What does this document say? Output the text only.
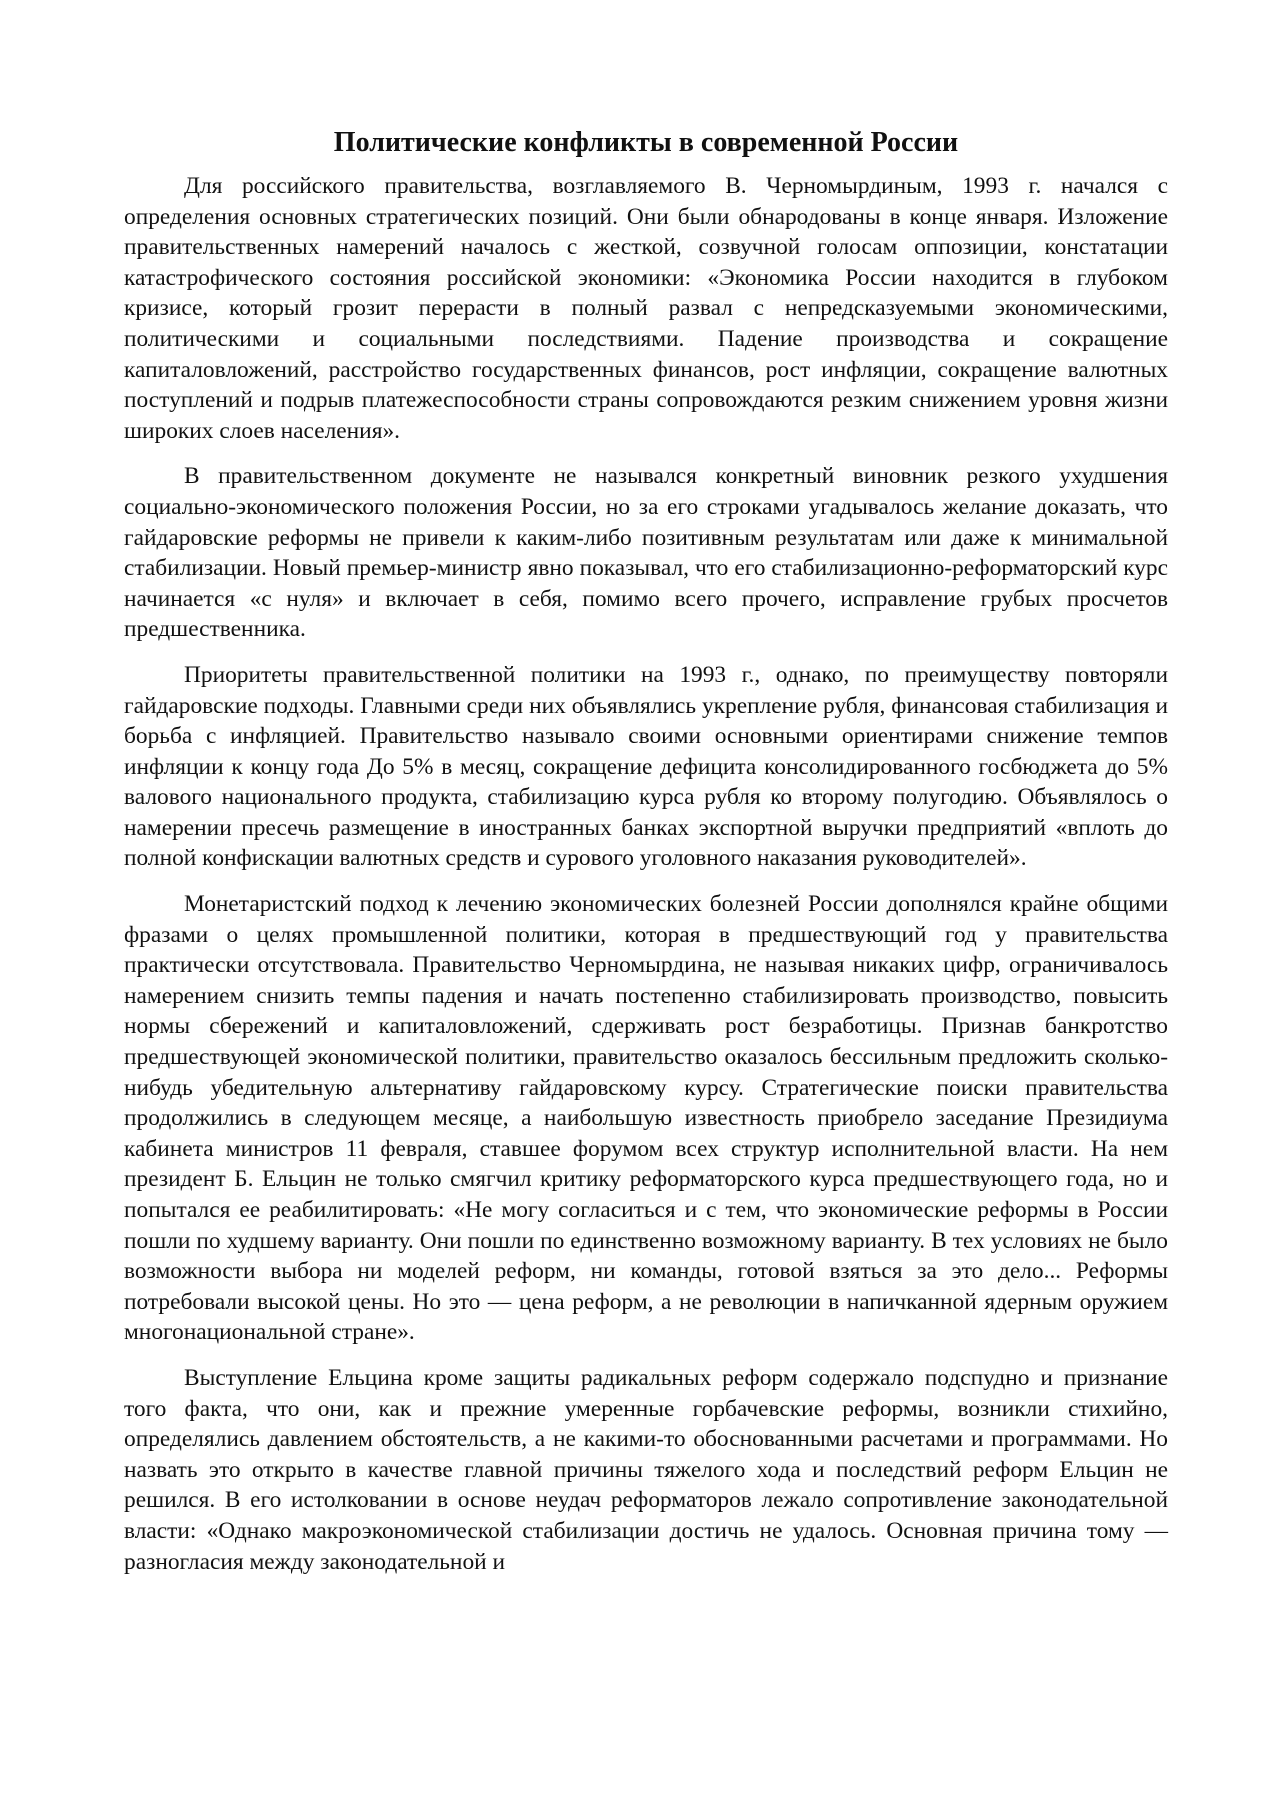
Политические конфликты в современной России

Для российского правительства, возглавляемого В. Черномырдиным, 1993 г. начался с определения основных стратегических позиций. Они были обнародованы в конце января. Изложение правительственных намерений началось с жесткой, созвучной голосам оппозиции, констатации катастрофического состояния российской экономики: «Экономика России находится в глубоком кризисе, который грозит перерасти в полный развал с непредсказуемыми экономическими, политическими и социальными последствиями. Падение производства и сокращение капиталовложений, расстройство государственных финансов, рост инфляции, сокращение валютных поступлений и подрыв платежеспособности страны сопровождаются резким снижением уровня жизни широких слоев населения».

В правительственном документе не назывался конкретный виновник резкого ухудшения социально-экономического положения России, но за его строками угадывалось желание доказать, что гайдаровские реформы не привели к каким-либо позитивным результатам или даже к минимальной стабилизации. Новый премьер-министр явно показывал, что его стабилизационно-реформаторский курс начинается «с нуля» и включает в себя, помимо всего прочего, исправление грубых просчетов предшественника.

Приоритеты правительственной политики на 1993 г., однако, по преимуществу повторяли гайдаровские подходы. Главными среди них объявлялись укрепление рубля, финансовая стабилизация и борьба с инфляцией. Правительство называло своими основными ориентирами снижение темпов инфляции к концу года До 5% в месяц, сокращение дефицита консолидированного госбюджета до 5% валового национального продукта, стабилизацию курса рубля ко второму полугодию. Объявлялось о намерении пресечь размещение в иностранных банках экспортной выручки предприятий «вплоть до полной конфискации валютных средств и сурового уголовного наказания руководителей».

Монетаристский подход к лечению экономических болезней России дополнялся крайне общими фразами о целях промышленной политики, которая в предшествующий год у правительства практически отсутствовала. Правительство Черномырдина, не называя никаких цифр, ограничивалось намерением снизить темпы падения и начать постепенно стабилизировать производство, повысить нормы сбережений и капиталовложений, сдерживать рост безработицы. Признав банкротство предшествующей экономической политики, правительство оказалось бессильным предложить сколько-нибудь убедительную альтернативу гайдаровскому курсу. Стратегические поиски правительства продолжились в следующем месяце, а наибольшую известность приобрело заседание Президиума кабинета министров 11 февраля, ставшее форумом всех структур исполнительной власти. На нем президент Б. Ельцин не только смягчил критику реформаторского курса предшествующего года, но и попытался ее реабилитировать: «Не могу согласиться и с тем, что экономические реформы в России пошли по худшему варианту. Они пошли по единственно возможному варианту. В тех условиях не было возможности выбора ни моделей реформ, ни команды, готовой взяться за это дело... Реформы потребовали высокой цены. Но это — цена реформ, а не революции в напичканной ядерным оружием многонациональной стране».

Выступление Ельцина кроме защиты радикальных реформ содержало подспудно и признание того факта, что они, как и прежние умеренные горбачевские реформы, возникли стихийно, определялись давлением обстоятельств, а не какими-то обоснованными расчетами и программами. Но назвать это открыто в качестве главной причины тяжелого хода и последствий реформ Ельцин не решился. В его истолковании в основе неудач реформаторов лежало сопротивление законодательной власти: «Однако макроэкономической стабилизации достичь не удалось. Основная причина тому — разногласия между законодательной и
